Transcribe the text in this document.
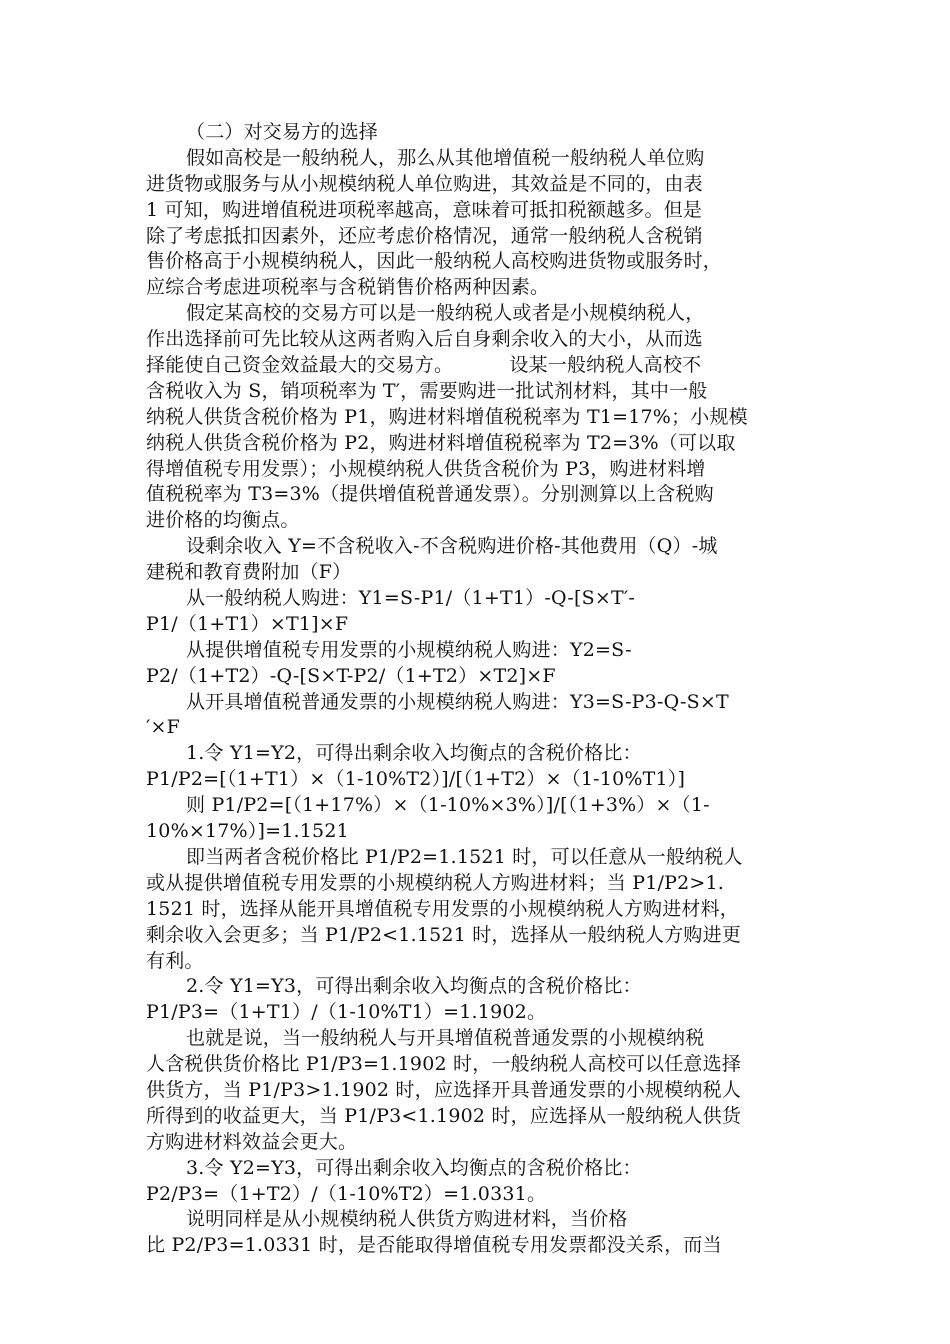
（二）对交易方的选择
假如高校是一般纳税人，那么从其他增值税一般纳税人单位购
进货物或服务与从小规模纳税人单位购进，其效益是不同的，由表
1 可知，购进增值税进项税率越高，意味着可抵扣税额越多。但是
除了考虑抵扣因素外，还应考虑价格情况，通常一般纳税人含税销
售价格高于小规模纳税人，因此一般纳税人高校购进货物或服务时，
应综合考虑进项税率与含税销售价格两种因素。
假定某高校的交易方可以是一般纳税人或者是小规模纳税人，
作出选择前可先比较从这两者购入后自身剩余收入的大小，从而选
择能使自己资金效益最大的交易方。         设某一般纳税人高校不
含税收入为 S，销项税率为 T′，需要购进一批试剂材料，其中一般
纳税人供货含税价格为 P1，购进材料增值税税率为 T1=17%；小规模
纳税人供货含税价格为 P2，购进材料增值税税率为 T2=3%（可以取
得增值税专用发票）；小规模纳税人供货含税价为 P3，购进材料增
值税税率为 T3=3%（提供增值税普通发票）。分别测算以上含税购
进价格的均衡点。
设剩余收入 Y=不含税收入-不含税购进价格-其他费用（Q）-城
建税和教育费附加（F）
从一般纳税人购进：Y1=S-P1/（1+T1）-Q-[S×T′-
P1/（1+T1）×T1]×F
从提供增值税专用发票的小规模纳税人购进：Y2=S-
P2/（1+T2）-Q-[S×T-P2/（1+T2）×T2]×F
从开具增值税普通发票的小规模纳税人购进：Y3=S-P3-Q-S×T
′×F
1.令 Y1=Y2，可得出剩余收入均衡点的含税价格比：
P1/P2=[（1+T1）×（1-10%T2）]/[（1+T2）×（1-10%T1）]
则 P1/P2=[（1+17%）×（1-10%×3%）]/[（1+3%）×（1-
10%×17%）]=1.1521
即当两者含税价格比 P1/P2=1.1521 时，可以任意从一般纳税人
或从提供增值税专用发票的小规模纳税人方购进材料；当 P1/P2>1.
1521 时，选择从能开具增值税专用发票的小规模纳税人方购进材料，
剩余收入会更多；当 P1/P2<1.1521 时，选择从一般纳税人方购进更
有利。
2.令 Y1=Y3，可得出剩余收入均衡点的含税价格比：
P1/P3=（1+T1）/（1-10%T1）=1.1902。
也就是说，当一般纳税人与开具增值税普通发票的小规模纳税
人含税供货价格比 P1/P3=1.1902 时，一般纳税人高校可以任意选择
供货方，当 P1/P3>1.1902 时，应选择开具普通发票的小规模纳税人
所得到的收益更大，当 P1/P3<1.1902 时，应选择从一般纳税人供货
方购进材料效益会更大。
3.令 Y2=Y3，可得出剩余收入均衡点的含税价格比：
P2/P3=（1+T2）/（1-10%T2）=1.0331。
说明同样是从小规模纳税人供货方购进材料，当价格
比 P2/P3=1.0331 时，是否能取得增值税专用发票都没关系，而当
